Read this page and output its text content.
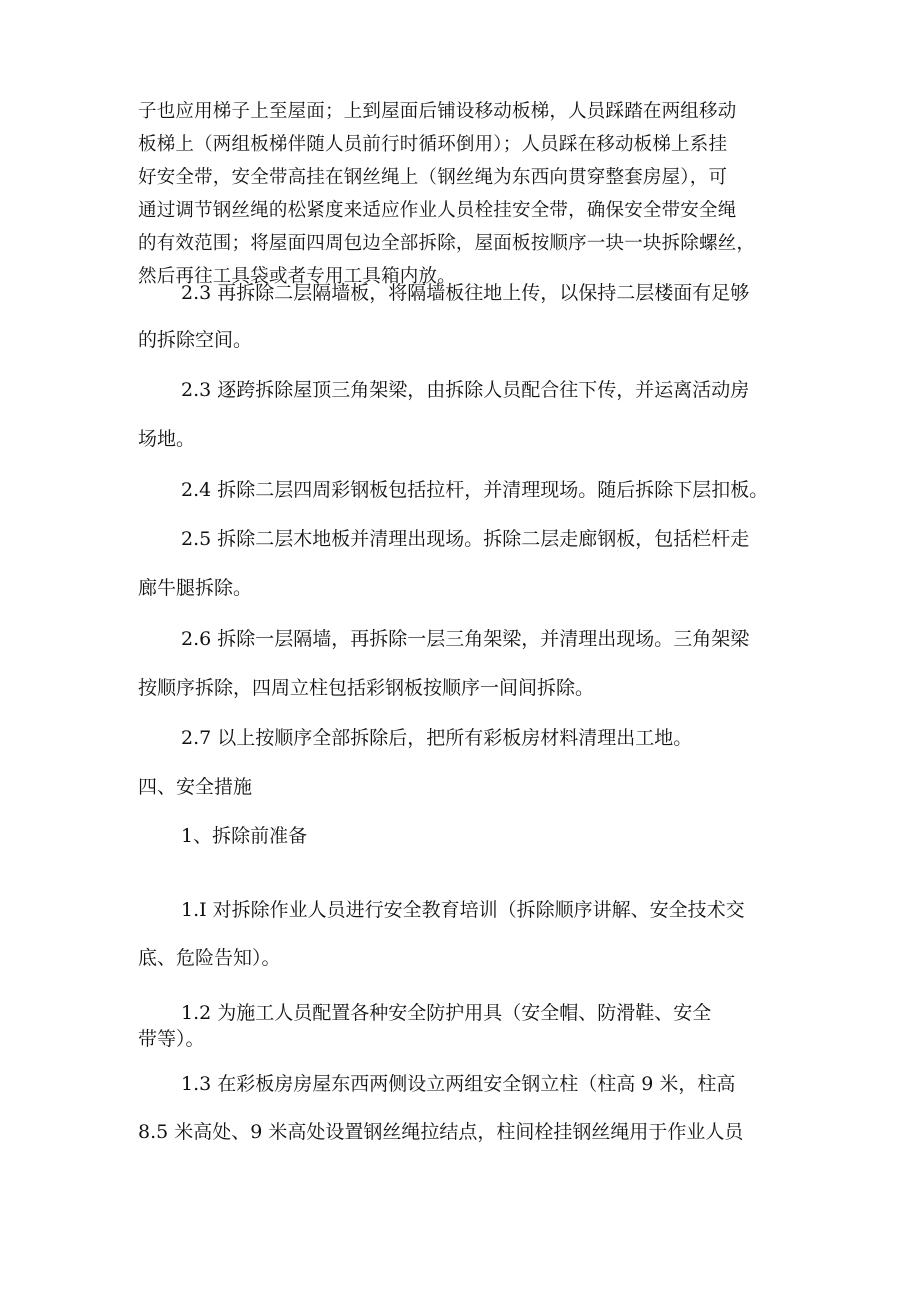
子也应用梯子上至屋面；上到屋面后铺设移动板梯，人员踩踏在两组移动
板梯上（两组板梯伴随人员前行时循环倒用）；人员踩在移动板梯上系挂
好安全带，安全带高挂在钢丝绳上（钢丝绳为东西向贯穿整套房屋），可
通过调节钢丝绳的松紧度来适应作业人员栓挂安全带，确保安全带安全绳
的有效范围；将屋面四周包边全部拆除，屋面板按顺序一块一块拆除螺丝，
然后再往工具袋或者专用工具箱内放。
2.3 再拆除二层隔墙板，将隔墙板往地上传，以保持二层楼面有足够
的拆除空间。
2.3 逐跨拆除屋顶三角架梁，由拆除人员配合往下传，并运离活动房
场地。
2.4 拆除二层四周彩钢板包括拉杆，并清理现场。随后拆除下层扣板。
2.5 拆除二层木地板并清理出现场。拆除二层走廊钢板，包括栏杆走
廊牛腿拆除。
2.6 拆除一层隔墙，再拆除一层三角架梁，并清理出现场。三角架梁
按顺序拆除，四周立柱包括彩钢板按顺序一间间拆除。
2.7 以上按顺序全部拆除后，把所有彩板房材料清理出工地。
四、安全措施
1、拆除前准备
1.I 对拆除作业人员进行安全教育培训（拆除顺序讲解、安全技术交
底、危险告知）。
1.2 为施工人员配置各种安全防护用具（安全帽、防滑鞋、安全
带等）。
1.3 在彩板房房屋东西两侧设立两组安全钢立柱（柱高 9 米，柱高
8.5 米高处、9 米高处设置钢丝绳拉结点，柱间栓挂钢丝绳用于作业人员
